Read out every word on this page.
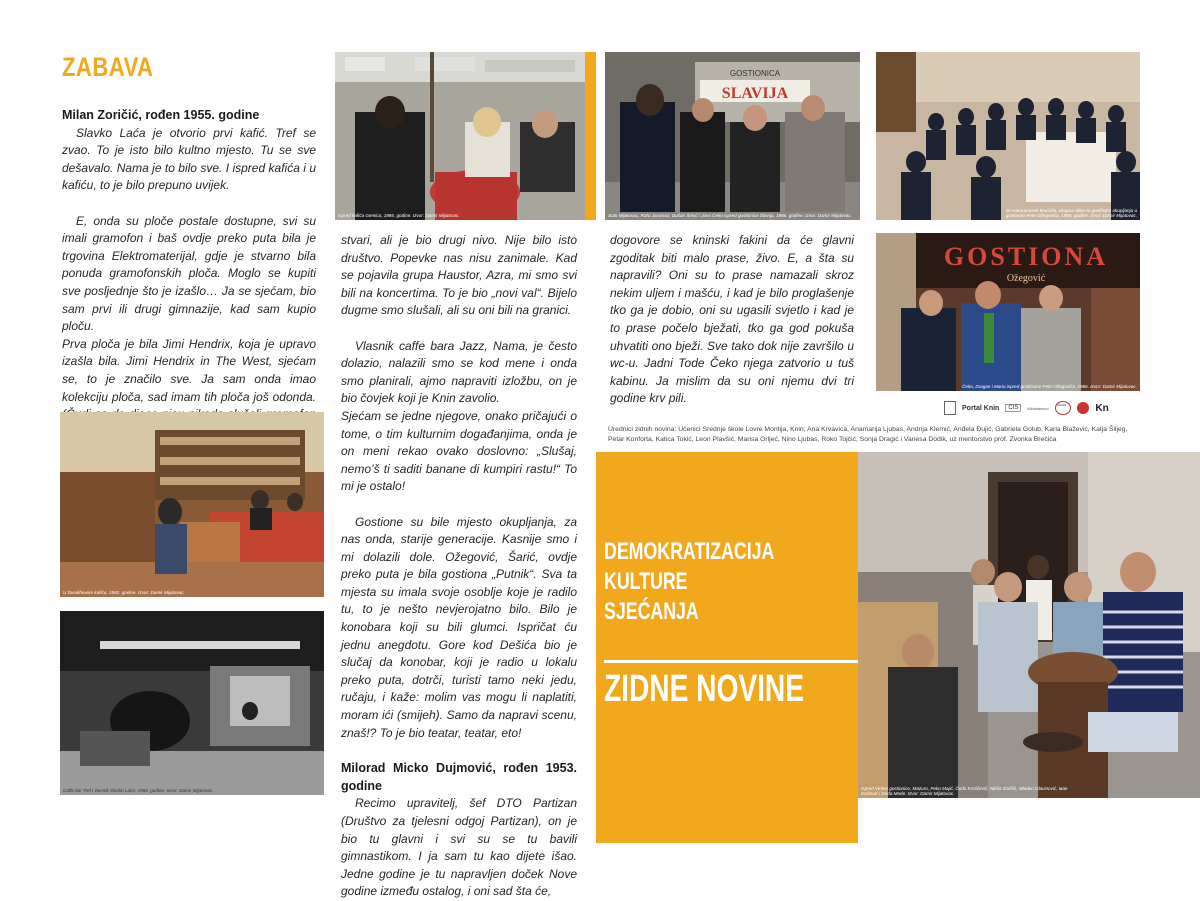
ZABAVA

Milan Zoričić, rođen 1955. godine

Slavko Laća je otvorio prvi kafić. Tref se zvao. To je isto bilo kultno mjesto. Tu se sve dešavalo. Nama je to bilo sve. I ispred kafića i u kafiću, to je bilo prepuno uvijek.

E, onda su ploče postale dostupne, svi su imali gramofon i baš ovdje preko puta bila je trgovina Elektromaterijal, gdje je stvarno bila ponuda gramofonskih ploča. Moglo se kupiti sve posljednje što je izašlo… Ja se sjećam, bio sam prvi ili drugi gimnazije, kad sam kupio ploču.

Prva ploča je bila Jimi Hendrix, koja je upravo izašla bila. Jimi Hendrix in The West, sjećam se, to je značilo sve. Ja sam onda imao kolekciju ploča, sad imam tih ploča još odonda.

U Dvodihovom kafiću, 1982. godine. Izvor: Damir Mijatovac.
Caffe bar Tref i vlasnik Slavko Laća, 1984. godine. Izvor: Damir Mijatovac.
Ispred kafića Gemica, 1986. godine. Izvor: Damir Mijatovac.

stvari, ali je bio drugi nivo. Nije bilo isto društvo. Popevke nas nisu zanimale. Kad se pojavila grupa Haustor, Azra, mi smo svi bili na koncertima. To je bio „novi val“. Bijelo dugme smo slušali, ali su oni bili na granici.

Vlasnik caffe bara Jazz, Nama, je često dolazio, nalazili smo se kod mene i onda smo planirali, ajmo napraviti izložbu, on je bio čovjek koji je Knin zavolio.

Sjećam se jedne njegove, onako pričajući o tome, o tim kulturnim događanjima, onda je on meni rekao ovako doslovno: „Slušaj, nemo’š ti saditi banane di kumpiri rastu!“ To mi je ostalo!

Gostione su bile mjesto okupljanja, za nas onda, starije generacije. Kasnije smo i mi dolazili dole. Ožegović, Šarić, ovdje preko puta je bila gostiona „Putnik“. Sva ta mjesta su imala svoje osoblje koje je radilo tu, to je nešto nevjerojatno bilo. Bilo je konobara koji su bili glumci. Ispričat ću jednu anegdotu. Gore kod Dešića bio je slučaj da konobar, koji je radio u lokalu preko puta, dotrči, turisti tamo neki jedu, ručaju, i kaže: molim vas mogu li naplatiti, moram ići (smijeh). Samo da napravi scenu, znaš!? To je bio teatar, teatar, eto!

Milorad Micko Dujmović, rođen 1953. godine

Recimo upravitelj, šef DTO Partizan (Društvo za tjelesni odgoj Partizan), on je bio tu glavni i svi su se tu bavili gimnastikom. I ja sam tu kao dijete išao. Jedne godine je tu napravljen doček Nove godine između ostalog, i oni sad šta će,

GOSTIONICA
SLAVIJA
Suto Mijatovac, Rafo Jaramaz, Dušan Šimić i Jovo Čeko ispred gostionice Slavija, 1986. godine. Izvor: Damir Mijatovac.

dogovore se kninski fakini da će glavni zgoditak biti malo prase, živo. E, a šta su napravili? Oni su to prase namazali skroz nekim uljem i mašću, i kad je bilo proglašenje tko ga je dobio, oni su ugasili svjetlo i kad je to prase počelo bježati, tko ga god pokuša uhvatiti ono bježi. Sve tako dok nije završilo u wc-u. Jadni Tode Čeko njega zatvorio u tuš kabinu. Ja mislim da su oni njemu dvi tri godine krv pili.

40 maturantovih brućoša, okupna slika na godišnjim okupljanju u gostionici Pete Ožegovića, 1985. godine. Izvor: Damir Mijatovac.
GOSTIONA
Ožegović
Čeko, Dragan i Mario ispred gostionice Pete Ožegovića, 1986. Izvor: Damir Mijatovac.
Portal Knin	CIS	Ministarstvo
Škola	Kn
Urednici zidnih novina: Učenici Srednje škole Lovre Montija, Knin; Ana Krvavica, Anamarija Ljubas, Andrija Klemić, Anđela Đujić, Gabriela Golub, Karla Blažević, Katja Šiljeg, Petar Konforta, Katica Tokić, Leon Plavšić, Marisa Grljeć, Nino Ljubas, Roko Tojčić, Sonja Dragić i Vanesa Dodik, uz mentorstvo prof. Zvonka Brečića
DEMOKRATIZACIJA
KULTURE
SJEĆANJA
ZIDNE NOVINE
Ispred Virtine gostionice, Mazuro, Peko Majić, Čedo Krstičević, Nikša Zoričić, Mladen Glavinović, Iван Kvičević i Deda Mede. Izvor: Damir Mijatovac.
